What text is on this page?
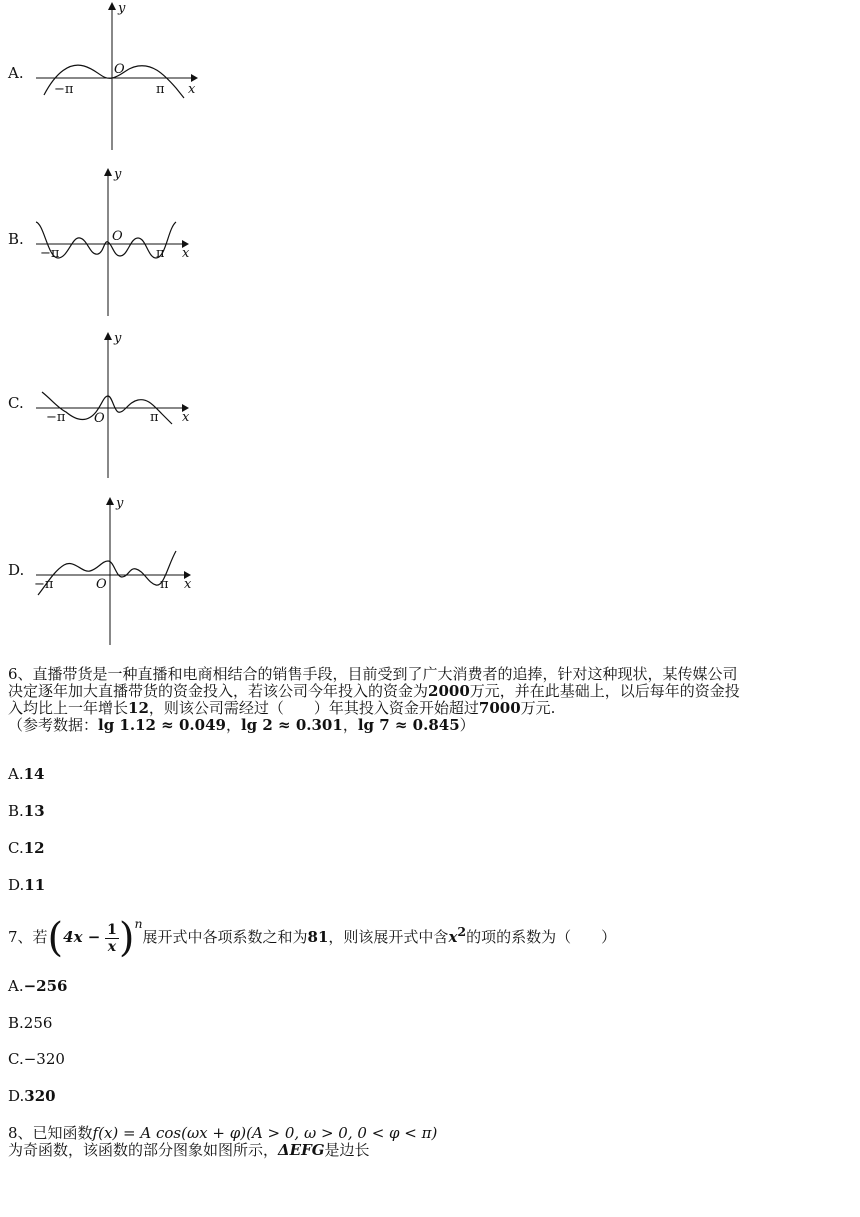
A.
y
x
O
−π	π
B.
y
x
O
−π	π
C.
y
x
O
−π	π
D.
y
x
O
−π	π
6、直播带货是一种直播和电商相结合的销售手段，目前受到了广大消费者的追捧，针对这种现状，某传媒公司
决定逐年加大直播带货的资金投入，若该公司今年投入的资金为2000万元，并在此基础上，以后每年的资金投
入均比上一年增长12，则该公司需经过（　　）年其投入资金开始超过7000万元.
（参考数据：lg 1.12 ≈ 0.049，lg 2 ≈ 0.301，lg 7 ≈ 0.845）
A.14
B.13
C.12
D.11
7、若$(4x - \frac{1}{x} )^n$展开式中各项系数之和为81，则该展开式中含$x^2$的项的系数为（　　）
A.−256
B.256
C.−320
D.320
8、已知函数f(x) = A cos(ωx + φ)(A > 0, ω > 0, 0 < φ < π)
为奇函数，该函数的部分图象如图所示，ΔEFG是边长
